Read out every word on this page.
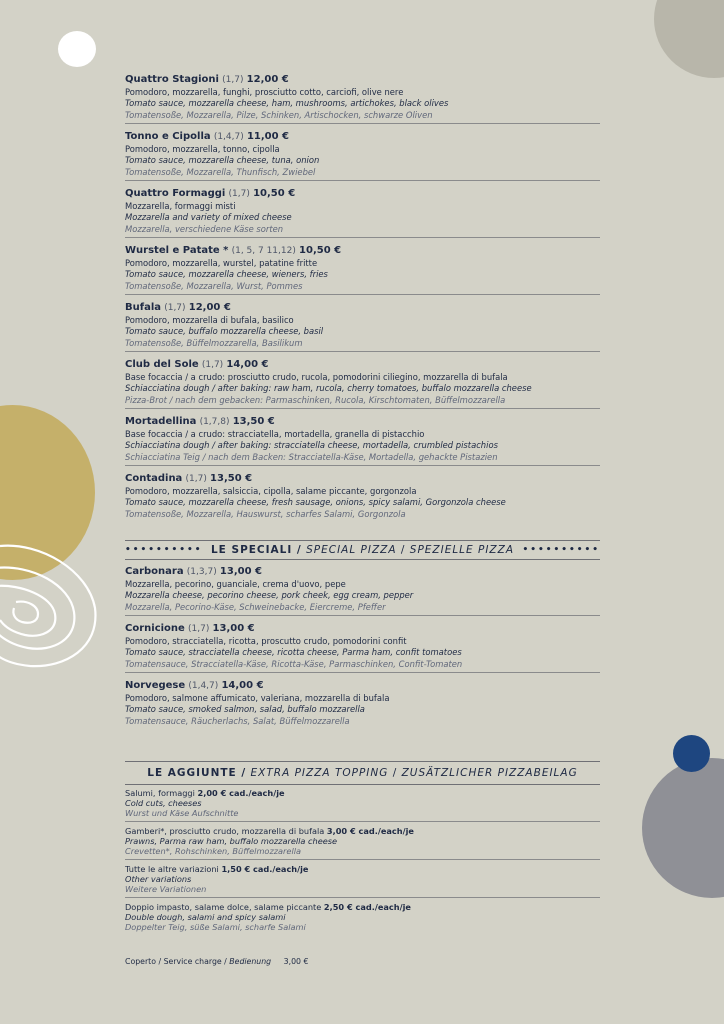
Quattro Stagioni (1,7) 12,00 €
Pomodoro, mozzarella, funghi, prosciutto cotto, carciofi, olive nere
Tomato sauce, mozzarella cheese, ham, mushrooms, artichokes, black olives
Tomatensoße, Mozzarella, Pilze, Schinken, Artischocken, schwarze Oliven
Tonno e Cipolla (1,4,7) 11,00 €
Pomodoro, mozzarella, tonno, cipolla
Tomato sauce, mozzarella cheese, tuna, onion
Tomatensoße, Mozzarella, Thunfisch, Zwiebel
Quattro Formaggi (1,7) 10,50 €
Mozzarella, formaggi misti
Mozzarella and variety of mixed cheese
Mozzarella, verschiedene Käse sorten
Wurstel e Patate * (1, 5, 7 11,12) 10,50 €
Pomodoro, mozzarella, wurstel, patatine fritte
Tomato sauce, mozzarella cheese, wieners, fries
Tomatensoße, Mozzarella, Wurst, Pommes
Bufala (1,7) 12,00 €
Pomodoro, mozzarella di bufala, basilico
Tomato sauce, buffalo mozzarella cheese, basil
Tomatensoße, Büffelmozzarella, Basilikum
Club del Sole (1,7) 14,00 €
Base focaccia / a crudo: prosciutto crudo, rucola, pomodorini ciliegino, mozzarella di bufala
Schiacciatina dough / after baking: raw ham, rucola, cherry tomatoes, buffalo mozzarella cheese
Pizza-Brot / nach dem gebacken: Parmaschinken, Rucola, Kirschtomaten, Büffelmozzarella
Mortadellina (1,7,8) 13,50 €
Base focaccia / a crudo: stracciatella, mortadella, granella di pistacchio
Schiacciatina dough / after baking: stracciatella cheese, mortadella, crumbled pistachios
Schiacciatina Teig / nach dem Backen: Stracciatella-Käse, Mortadella, gehackte Pistazien
Contadina (1,7) 13,50 €
Pomodoro, mozzarella, salsiccia, cipolla, salame piccante, gorgonzola
Tomato sauce, mozzarella cheese, fresh sausage, onions, spicy salami, Gorgonzola cheese
Tomatensoße, Mozzarella, Hauswurst, scharfes Salami, Gorgonzola
•••••••••• LE SPECIALI /
SPECIAL PIZZA
/
SPEZIELLE PIZZA ••••••••••
Carbonara (1,3,7) 13,00 €
Mozzarella, pecorino, guanciale, crema d'uovo, pepe
Mozzarella cheese, pecorino cheese, pork cheek, egg cream, pepper
Mozzarella, Pecorino-Käse, Schweinebacke, Eiercreme, Pfeffer
Cornicione (1,7) 13,00 €
Pomodoro, stracciatella, ricotta, proscutto crudo, pomodorini confit
Tomato sauce, stracciatella cheese, ricotta cheese, Parma ham, confit tomatoes
Tomatensauce, Stracciatella-Käse, Ricotta-Käse, Parmaschinken, Confit-Tomaten
Norvegese (1,4,7) 14,00 €
Pomodoro, salmone affumicato, valeriana, mozzarella di bufala
Tomato sauce, smoked salmon, salad, buffalo mozzarella
Tomatensauce, Räucherlachs, Salat, Büffelmozzarella
LE AGGIUNTE /
EXTRA PIZZA TOPPING
/
ZUSÄTZLICHER PIZZABEILAG
Salumi, formaggi 2,00 € cad./each/je
Cold cuts, cheeses
Wurst und Käse Aufschnitte
Gamberi*, prosciutto crudo, mozzarella di bufala 3,00 € cad./each/je
Prawns, Parma raw ham, buffalo mozzarella cheese
Crevetten*, Rohschinken, Büffelmozzarella
Tutte le altre variazioni 1,50 € cad./each/je
Other variations
Weitere Variationen
Doppio impasto, salame dolce, salame piccante 2,50 € cad./each/je
Double dough, salami and spicy salami
Doppelter Teig, süße Salami, scharfe Salami
Coperto / Service charge / Bedienung 3,00 €
